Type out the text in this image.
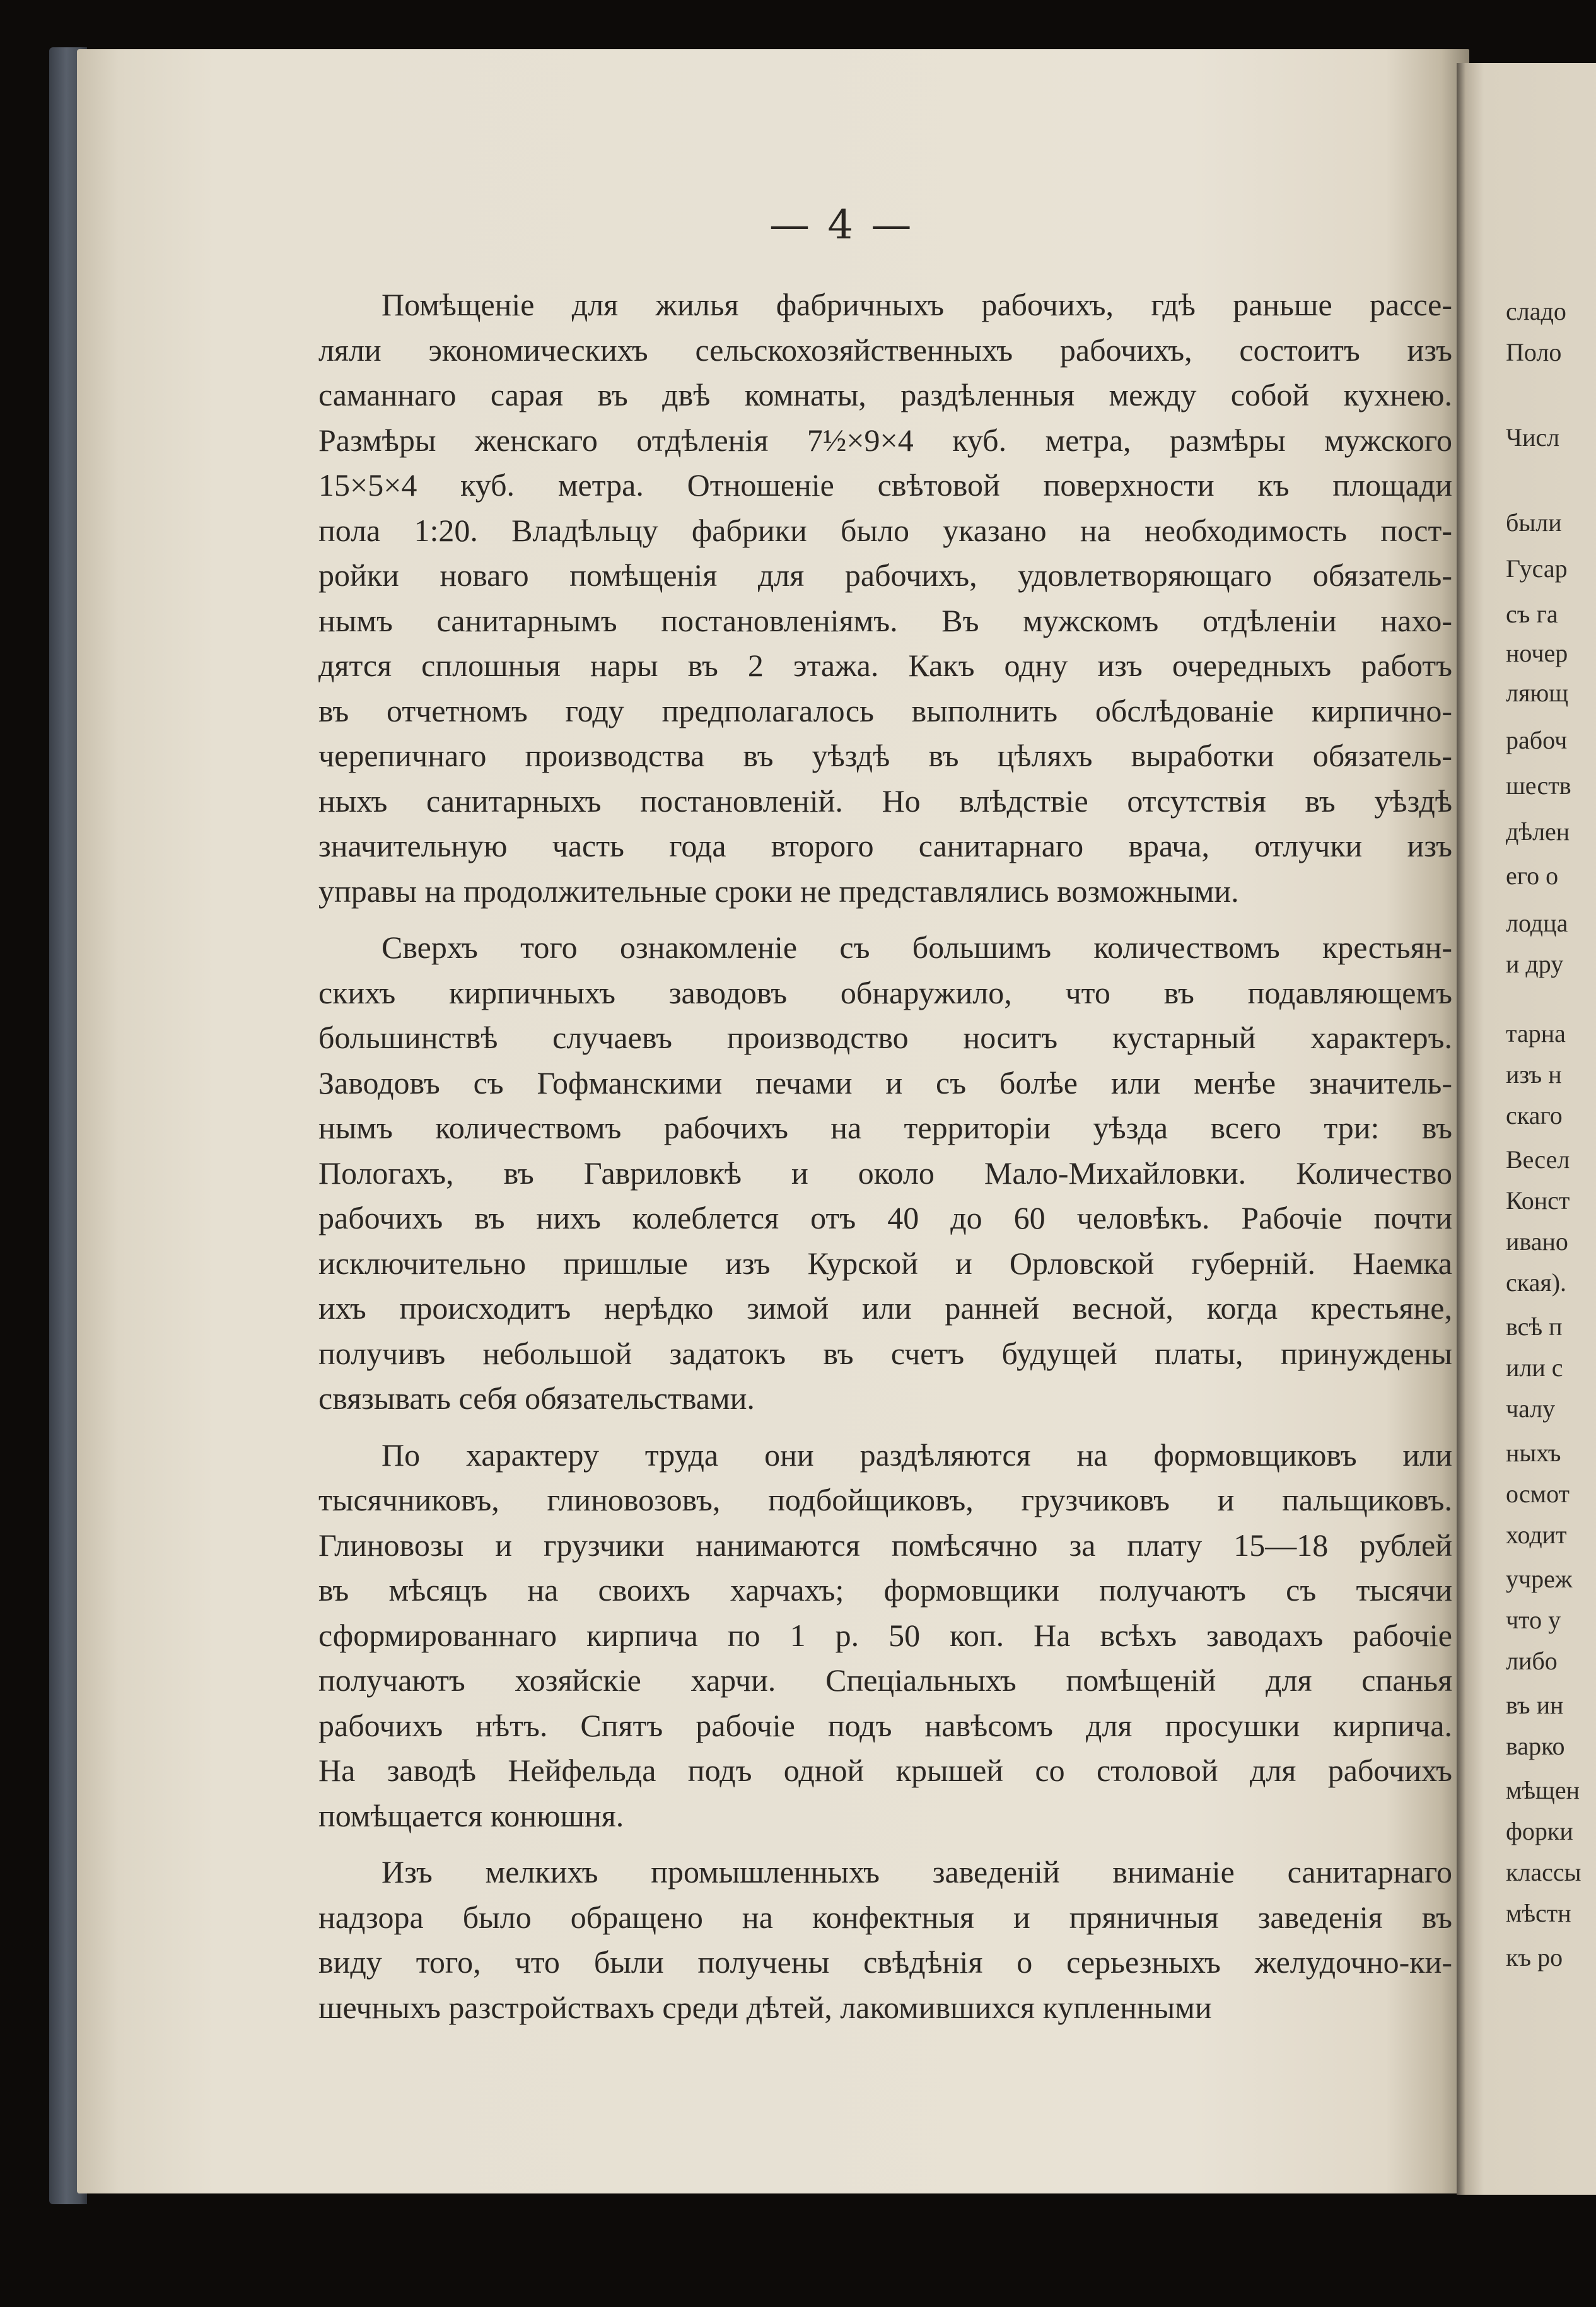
— 4 —
Помѣщеніе для жилья фабричныхъ рабочихъ, гдѣ раньше рассе-
ляли экономическихъ сельскохозяйственныхъ рабочихъ, состоитъ изъ
саманнаго сарая въ двѣ комнаты, раздѣленныя между собой кухнею.
Размѣры женскаго отдѣленія 7½×9×4 куб. метра, размѣры мужского
15×5×4 куб. метра. Отношеніе свѣтовой поверхности къ площади
пола 1:20. Владѣльцу фабрики было указано на необходимость пост-
ройки новаго помѣщенія для рабочихъ, удовлетворяющаго обязатель-
нымъ санитарнымъ постановленіямъ. Въ мужскомъ отдѣленіи нахо-
дятся сплошныя нары въ 2 этажа. Какъ одну изъ очередныхъ работъ
въ отчетномъ году предполагалось выполнить обслѣдованіе кирпично-
черепичнаго производства въ уѣздѣ въ цѣляхъ выработки обязатель-
ныхъ санитарныхъ постановленій. Но влѣдствіе отсутствія въ уѣздѣ
значительную часть года второго санитарнаго врача, отлучки изъ
управы на продолжительные сроки не представлялись возможными.
Сверхъ того ознакомленіе съ большимъ количествомъ крестьян-
скихъ кирпичныхъ заводовъ обнаружило, что въ подавляющемъ
большинствѣ случаевъ производство носитъ кустарный характеръ.
Заводовъ съ Гофманскими печами и съ болѣе или менѣе значитель-
нымъ количествомъ рабочихъ на территоріи уѣзда всего три: въ
Пологахъ, въ Гавриловкѣ и около Мало-Михайловки. Количество
рабочихъ въ нихъ колеблется отъ 40 до 60 человѣкъ. Рабочіе почти
исключительно пришлые изъ Курской и Орловской губерній. Наемка
ихъ происходитъ нерѣдко зимой или ранней весной, когда крестьяне,
получивъ небольшой задатокъ въ счетъ будущей платы, принуждены
связывать себя обязательствами.
По характеру труда они раздѣляются на формовщиковъ или
тысячниковъ, глиновозовъ, подбойщиковъ, грузчиковъ и пальщиковъ.
Глиновозы и грузчики нанимаются помѣсячно за плату 15—18 рублей
въ мѣсяцъ на своихъ харчахъ; формовщики получаютъ съ тысячи
сформированнаго кирпича по 1 р. 50 коп. На всѣхъ заводахъ рабочіе
получаютъ хозяйскіе харчи. Спеціальныхъ помѣщеній для спанья
рабочихъ нѣтъ. Спятъ рабочіе подъ навѣсомъ для просушки кирпича.
На заводѣ Нейфельда подъ одной крышей со столовой для рабочихъ
помѣщается конюшня.
Изъ мелкихъ промышленныхъ заведеній вниманіе санитарнаго
надзора было обращено на конфектныя и пряничныя заведенія въ
виду того, что были получены свѣдѣнія о серьезныхъ желудочно-ки-
шечныхъ разстройствахъ среди дѣтей, лакомившихся купленными
сладо
Поло
Числ
были
Гусар
съ га
ночер
ляющ
рабоч
шеств
дѣлен
его о
лодца
и дру
тарна
изъ н
скаго
Весел
Конст
ивано
ская).
всѣ п
или с
чалу
ныхъ
осмот
ходит
учреж
что у
либо
въ ин
варко
мѣщен
форки
классы
мѣстн
къ ро
